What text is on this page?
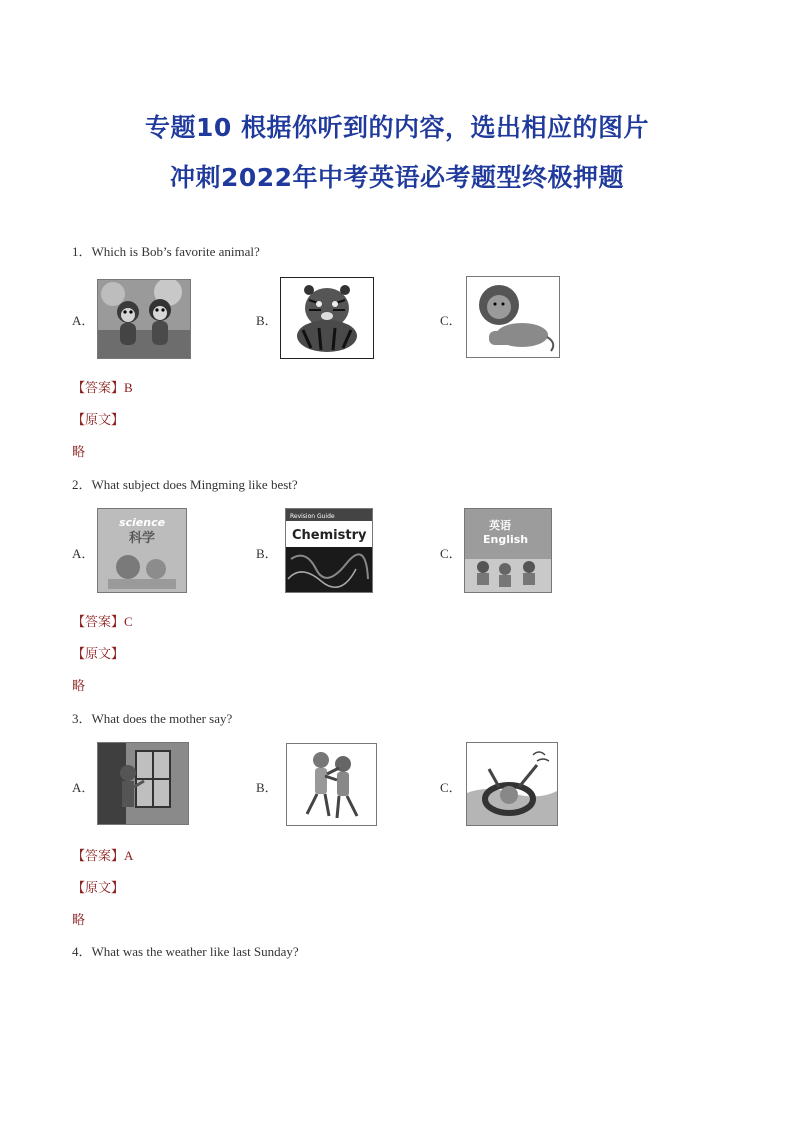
专题10 根据你听到的内容，选出相应的图片
冲刺2022年中考英语必考题型终极押题
1．Which is Bob’s favorite animal?
A．	B．	C．
【答案】B
【原文】
略
2．What subject does Mingming like best?
A．
science
科学
B．
Revision Guide
Chemistry
C．
英语
English
【答案】C
【原文】
略
3．What does the mother say?
A．	B．	C．
【答案】A
【原文】
略
4．What was the weather like last Sunday?
